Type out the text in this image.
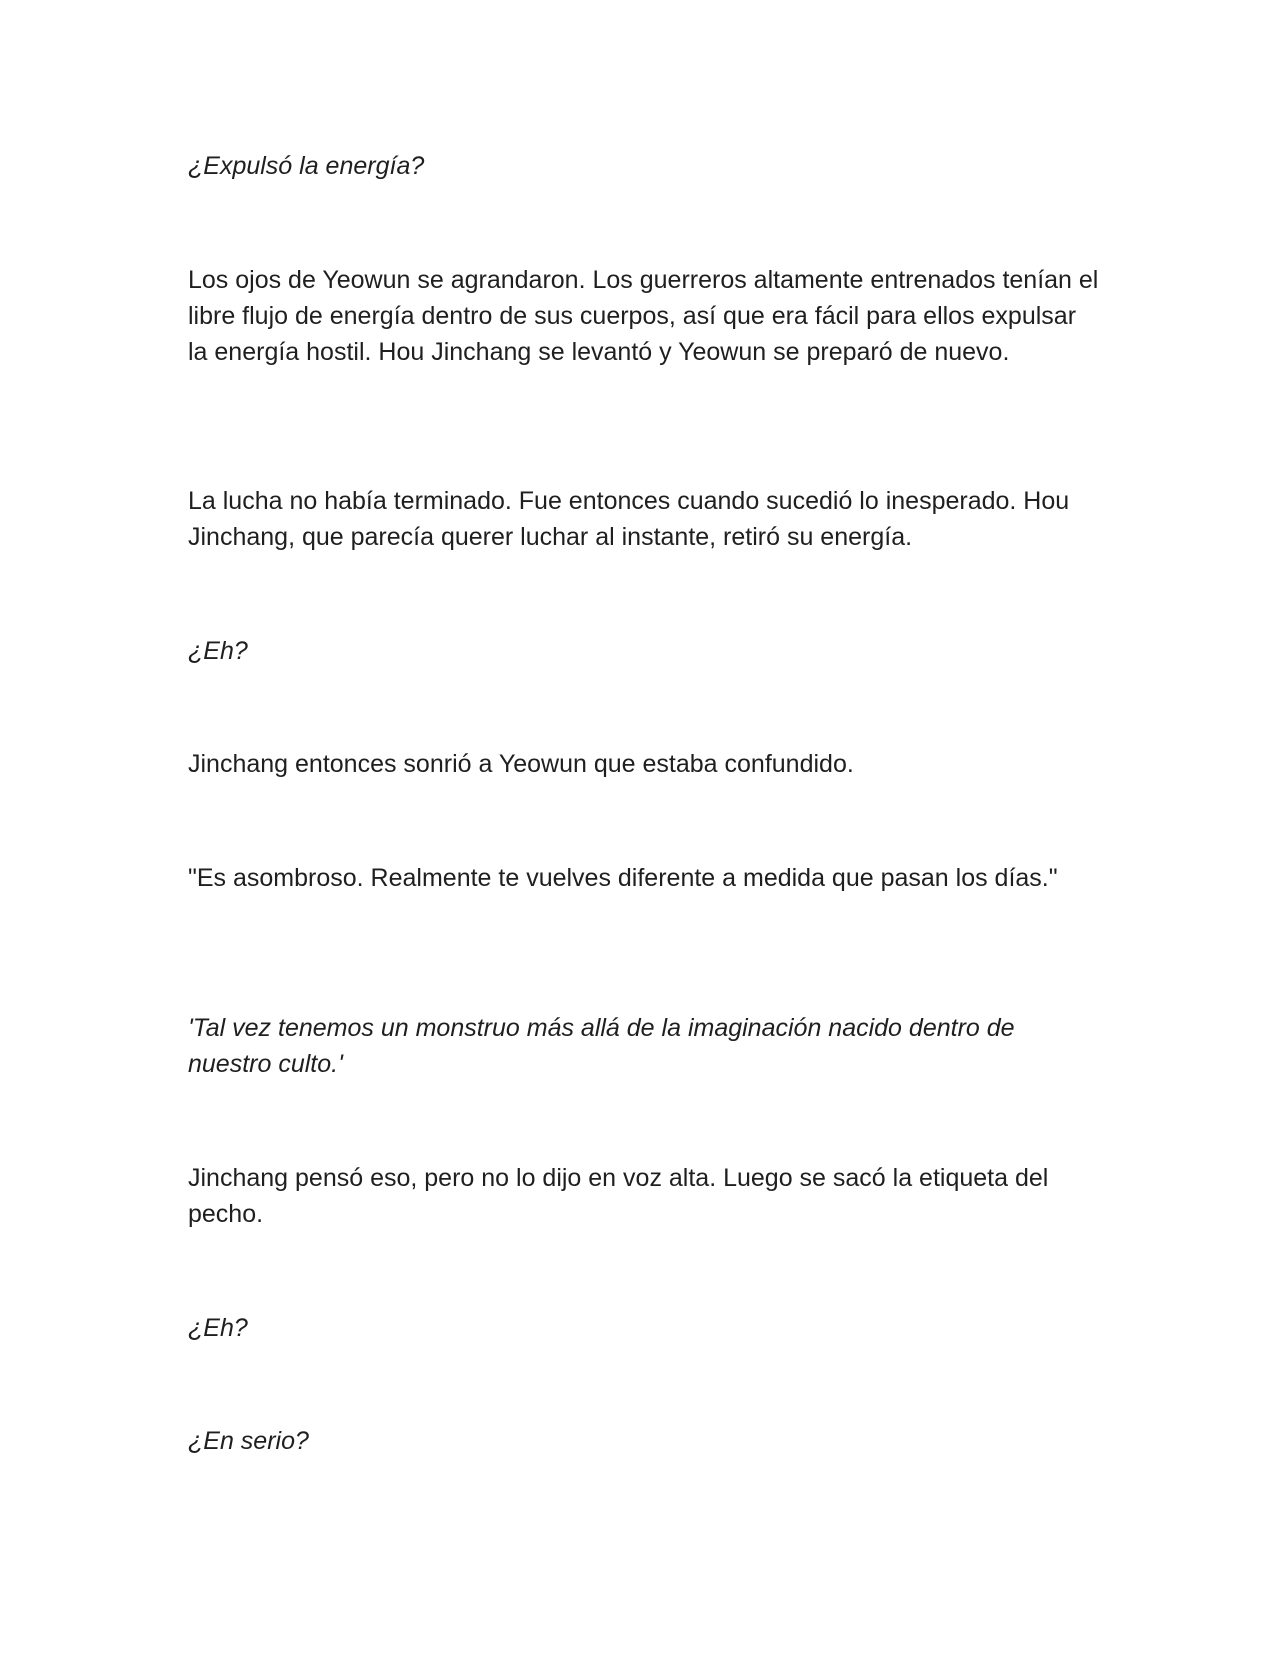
¿Expulsó la energía?

Los ojos de Yeowun se agrandaron. Los guerreros altamente entrenados tenían el libre flujo de energía dentro de sus cuerpos, así que era fácil para ellos expulsar la energía hostil. Hou Jinchang se levantó y Yeowun se preparó de nuevo.

La lucha no había terminado. Fue entonces cuando sucedió lo inesperado. Hou Jinchang, que parecía querer luchar al instante, retiró su energía.

¿Eh?

Jinchang entonces sonrió a Yeowun que estaba confundido.

"Es asombroso. Realmente te vuelves diferente a medida que pasan los días."

'Tal vez tenemos un monstruo más allá de la imaginación nacido dentro de nuestro culto.'

Jinchang pensó eso, pero no lo dijo en voz alta. Luego se sacó la etiqueta del pecho.

¿Eh?

¿En serio?
